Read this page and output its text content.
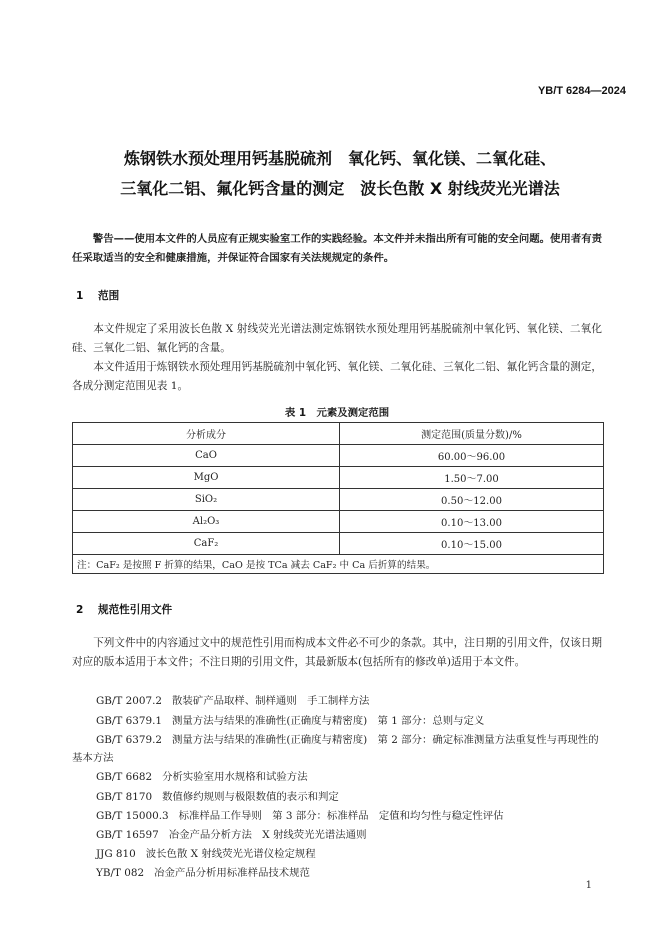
YB/T 6284—2024
炼钢铁水预处理用钙基脱硫剂　氧化钙、氧化镁、二氧化硅、
三氧化二铝、氟化钙含量的测定　波长色散 X 射线荧光光谱法
警告——使用本文件的人员应有正规实验室工作的实践经验。本文件并未指出所有可能的安全问题。使用者有责任采取适当的安全和健康措施，并保证符合国家有关法规规定的条件。
1 范围
本文件规定了采用波长色散 X 射线荧光光谱法测定炼钢铁水预处理用钙基脱硫剂中氧化钙、氧化镁、二氧化硅、三氧化二铝、氟化钙的含量。
本文件适用于炼钢铁水预处理用钙基脱硫剂中氧化钙、氧化镁、二氧化硅、三氧化二铝、氟化钙含量的测定，各成分测定范围见表 1。
表 1　元素及测定范围
分析成分	测定范围(质量分数)/%
CaO	60.00～96.00
MgO	1.50～7.00
SiO₂	0.50～12.00
Al₂O₃	0.10～13.00
CaF₂	0.10～15.00
注：CaF₂ 是按照 F 折算的结果，CaO 是按 TCa 减去 CaF₂ 中 Ca 后折算的结果。	
2 规范性引用文件
下列文件中的内容通过文中的规范性引用而构成本文件必不可少的条款。其中，注日期的引用文件，仅该日期对应的版本适用于本文件；不注日期的引用文件，其最新版本(包括所有的修改单)适用于本文件。
GB/T 2007.2 散装矿产品取样、制样通则　手工制样方法
GB/T 6379.1 测量方法与结果的准确性(正确度与精密度)　第 1 部分：总则与定义
GB/T 6379.2 测量方法与结果的准确性(正确度与精密度)　第 2 部分：确定标准测量方法重复性与再现性的基本方法
GB/T 6682 分析实验室用水规格和试验方法
GB/T 8170 数值修约规则与极限数值的表示和判定
GB/T 15000.3 标准样品工作导则　第 3 部分：标准样品　定值和均匀性与稳定性评估
GB/T 16597 冶金产品分析方法　X 射线荧光光谱法通则
JJG 810 波长色散 X 射线荧光光谱仪检定规程
YB/T 082 冶金产品分析用标准样品技术规范
1
